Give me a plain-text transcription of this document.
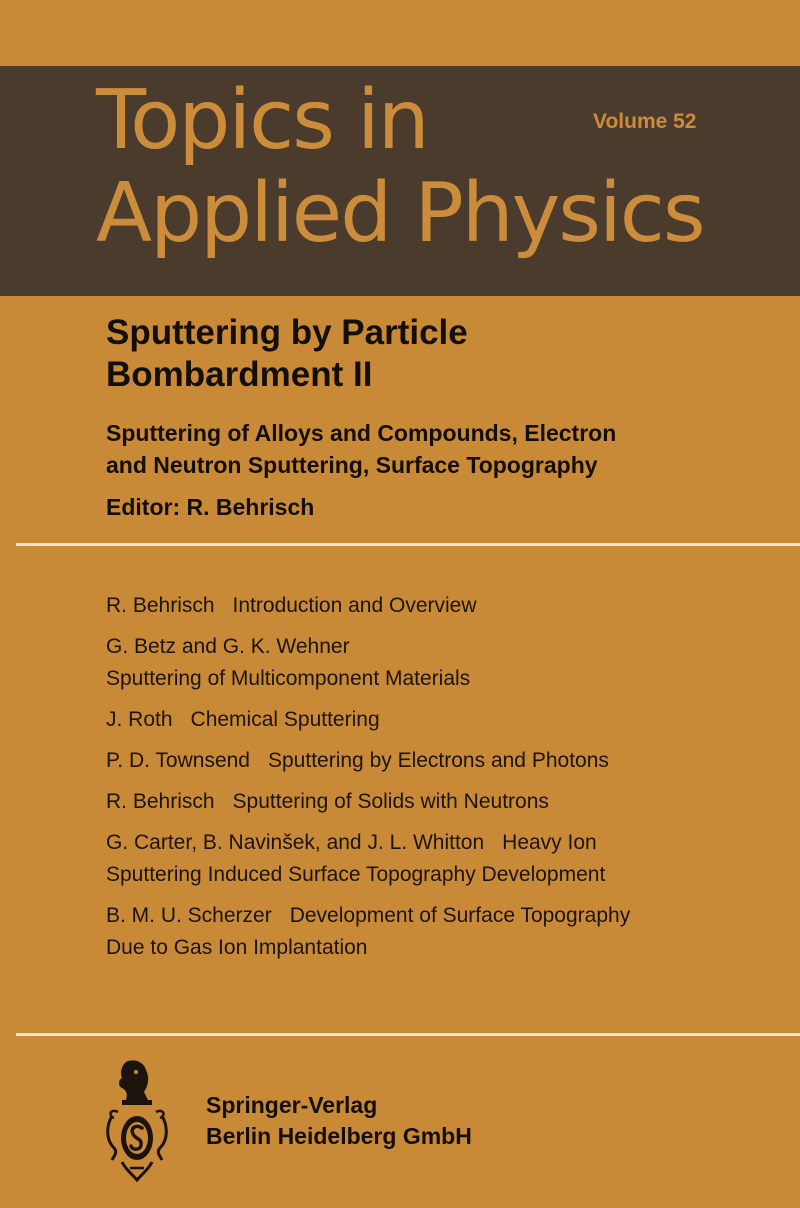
Topics in
Applied Physics
Volume 52
Sputtering by Particle
Bombardment II
Sputtering of Alloys and Compounds, Electron
and Neutron Sputtering, Surface Topography
Editor: R. Behrisch
R. Behrisch Introduction and Overview
G. Betz and G. K. Wehner
Sputtering of Multicomponent Materials
J. Roth Chemical Sputtering
P. D. Townsend Sputtering by Electrons and Photons
R. Behrisch Sputtering of Solids with Neutrons
G. Carter, B. Navinšek, and J. L. Whitton Heavy Ion
Sputtering Induced Surface Topography Development
B. M. U. Scherzer Development of Surface Topography
Due to Gas Ion Implantation
Springer-Verlag
Berlin Heidelberg GmbH
